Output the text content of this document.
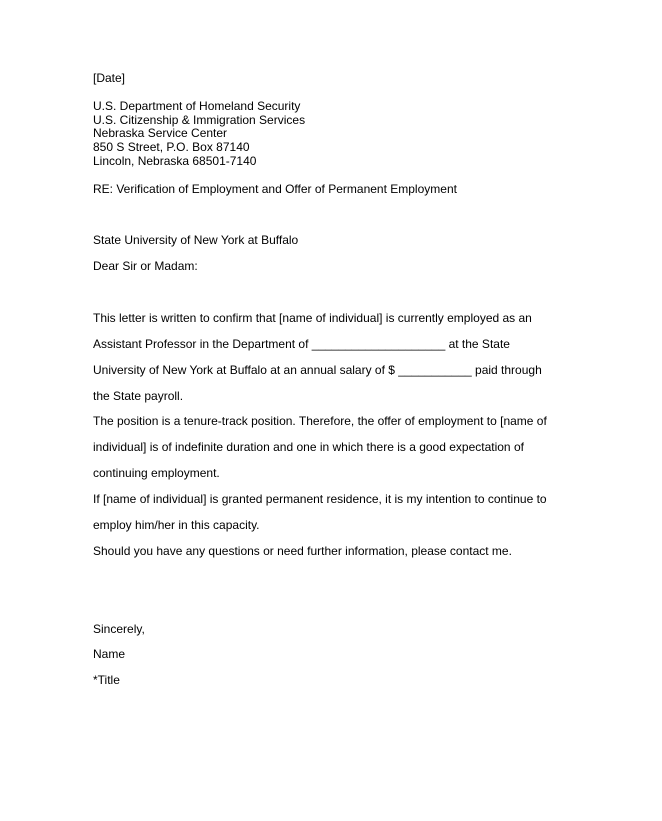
[Date]
U.S. Department of Homeland Security
U.S. Citizenship & Immigration Services
Nebraska Service Center
850 S Street, P.O. Box 87140
Lincoln, Nebraska 68501-7140
RE: Verification of Employment and Offer of Permanent Employment
State University of New York at Buffalo
Dear Sir or Madam:
This letter is written to confirm that [name of individual] is currently employed as an
Assistant Professor in the Department of ____________________ at the State
University of New York at Buffalo at an annual salary of $ ___________ paid through
the State payroll.
The position is a tenure-track position. Therefore, the offer of employment to [name of
individual] is of indefinite duration and one in which there is a good expectation of
continuing employment.
If [name of individual] is granted permanent residence, it is my intention to continue to
employ him/her in this capacity.
Should you have any questions or need further information, please contact me.
Sincerely,
Name
*Title
